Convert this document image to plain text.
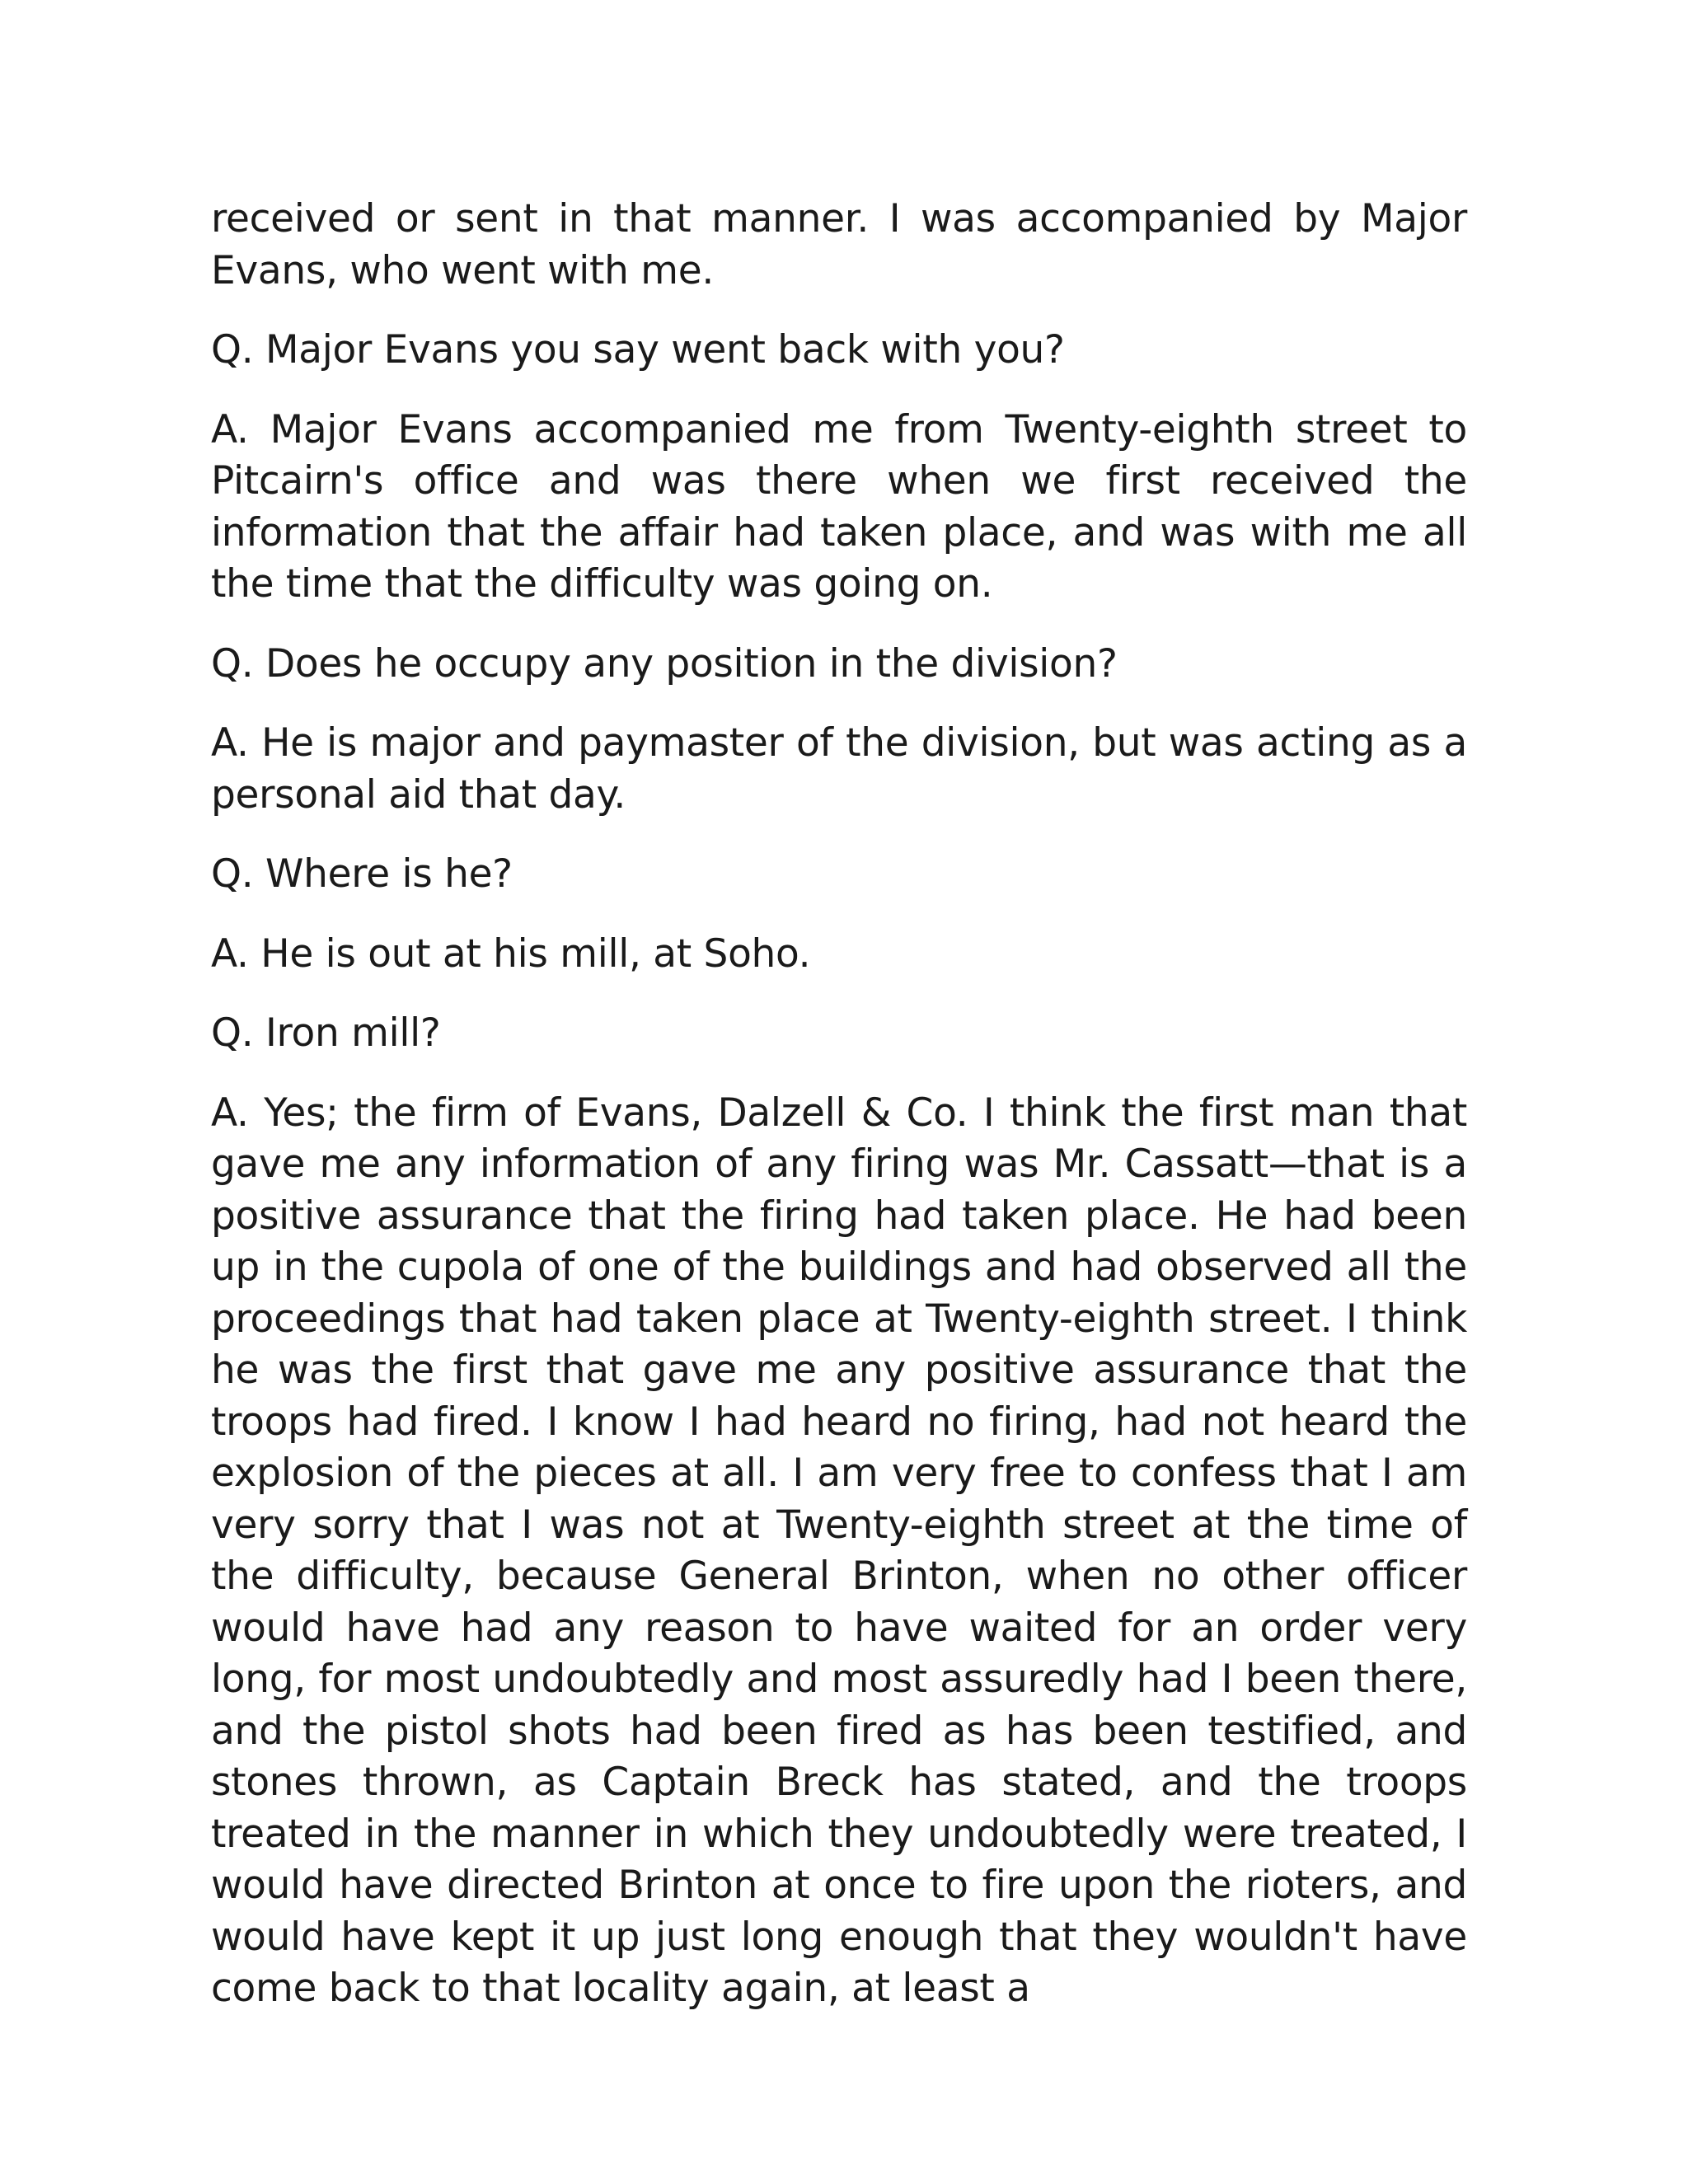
received or sent in that manner. I was accompanied by Major Evans, who went with me.

Q. Major Evans you say went back with you?

A. Major Evans accompanied me from Twenty-eighth street to Pitcairn's office and was there when we first received the information that the affair had taken place, and was with me all the time that the difficulty was going on.

Q. Does he occupy any position in the division?

A. He is major and paymaster of the division, but was acting as a personal aid that day.

Q. Where is he?

A. He is out at his mill, at Soho.

Q. Iron mill?

A. Yes; the firm of Evans, Dalzell & Co. I think the first man that gave me any information of any firing was Mr. Cassatt—that is a positive assurance that the firing had taken place. He had been up in the cupola of one of the buildings and had observed all the proceedings that had taken place at Twenty-eighth street. I think he was the first that gave me any positive assurance that the troops had fired. I know I had heard no firing, had not heard the explosion of the pieces at all. I am very free to confess that I am very sorry that I was not at Twenty-eighth street at the time of the difficulty, because General Brinton, when no other officer would have had any reason to have waited for an order very long, for most undoubtedly and most assuredly had I been there, and the pistol shots had been fired as has been testified, and stones thrown, as Captain Breck has stated, and the troops treated in the manner in which they undoubtedly were treated, I would have directed Brinton at once to fire upon the rioters, and would have kept it up just long enough that they wouldn't have come back to that locality again, at least a
